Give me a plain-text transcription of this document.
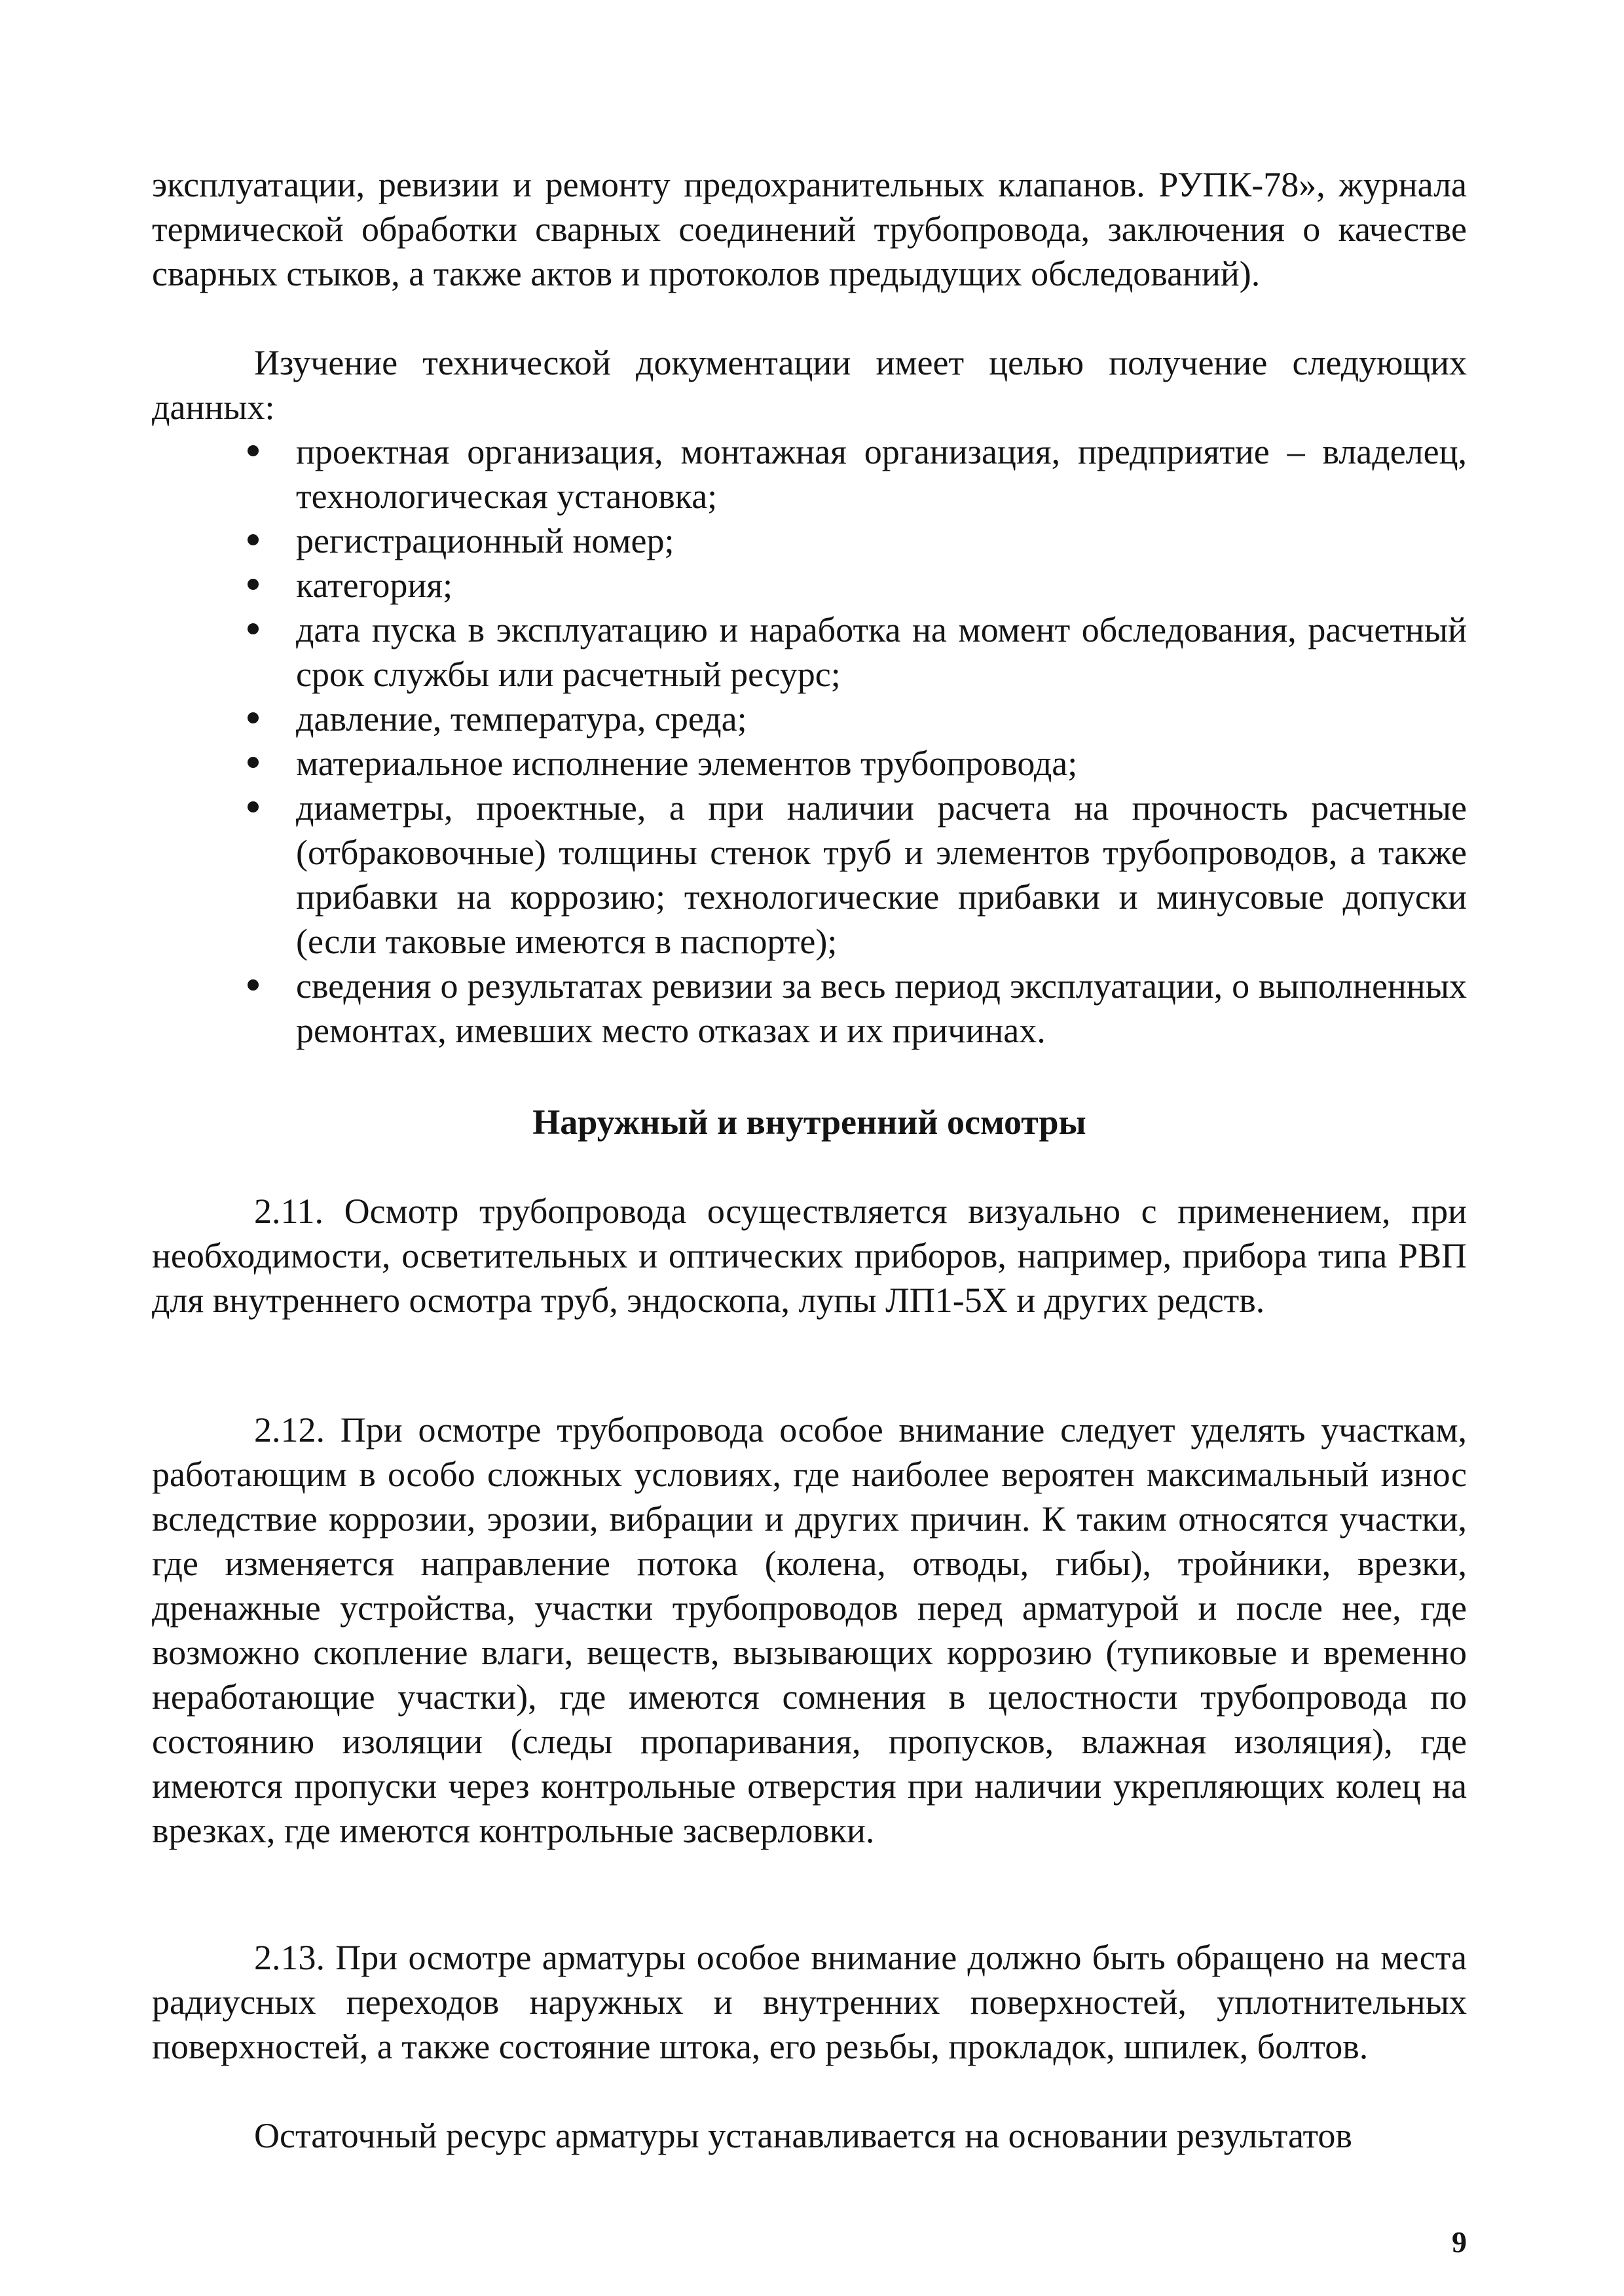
эксплуатации, ревизии и ремонту предохранительных клапанов. РУПК-78», журнала термической обработки сварных соединений трубопровода, заключения о качестве сварных стыков, а также актов и протоколов предыдущих обследований).

Изучение технической документации имеет целью получение следующих данных:

проектная организация, монтажная организация, предприятие – владелец, технологическая установка;
регистрационный номер;
категория;
дата пуска в эксплуатацию и наработка на момент обследования, расчетный срок службы или расчетный ресурс;
давление, температура, среда;
материальное исполнение элементов трубопровода;
диаметры, проектные, а при наличии расчета на прочность расчетные (отбраковочные) толщины стенок труб и элементов трубопроводов, а также прибавки на коррозию; технологические прибавки и минусовые допуски (если таковые имеются в паспорте);
сведения о результатах ревизии за весь период эксплуатации, о выполненных ремонтах, имевших место отказах и их причинах.
Наружный и внутренний осмотры

2.11. Осмотр трубопровода осуществляется визуально с применением, при необходимости, осветительных и оптических приборов, например, прибора типа РВП для внутреннего осмотра труб, эндоскопа, лупы ЛП1-5Х и других редств.

2.12. При осмотре трубопровода особое внимание следует уделять участкам, работающим в особо сложных условиях, где наиболее вероятен максимальный износ вследствие коррозии, эрозии, вибрации и других причин. К таким относятся участки, где изменяется направление потока (колена, отводы, гибы), тройники, врезки, дренажные устройства, участки трубопроводов перед арматурой и после нее, где возможно скопление влаги, веществ, вызывающих коррозию (тупиковые и временно неработающие участки), где имеются сомнения в целостности трубопровода по состоянию изоляции (следы пропаривания, пропусков, влажная изоляция), где имеются пропуски через контрольные отверстия при наличии укрепляющих колец на врезках, где имеются контрольные засверловки.

2.13. При осмотре арматуры особое внимание должно быть обращено на места радиусных переходов наружных и внутренних поверхностей, уплотнительных поверхностей, а также состояние штока, его резьбы, прокладок, шпилек, болтов.

Остаточный ресурс арматуры устанавливается на основании результатов

9
